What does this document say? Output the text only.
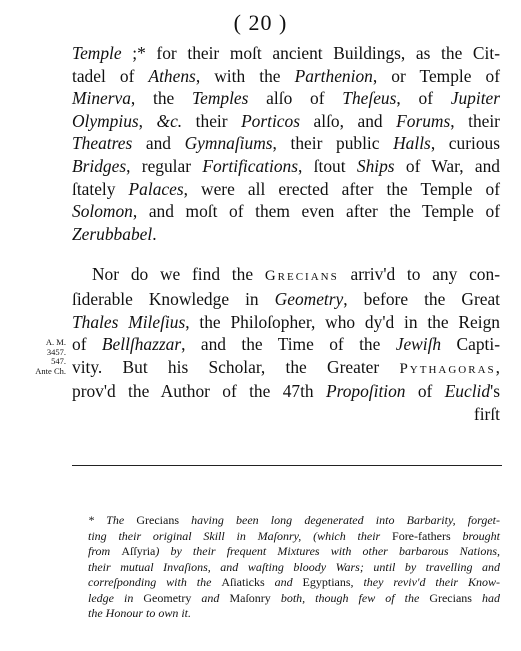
( 20 )
Temple ;* for their moſt ancient Buildings, as the Cit-
tadel of Athens, with the Parthenion, or Temple of
Minerva, the Temples alſo of Theſeus, of Jupiter
Olympius, &c. their Porticos alſo, and Forums, their
Theatres and Gymnaſiums, their public Halls, curious
Bridges, regular Fortifications, ſtout Ships of War, and
ſtately Palaces, were all erected after the Temple of
Solomon, and moſt of them even after the Temple of
Zerubbabel.
Nor do we find the Grecians arriv'd to any con-
ſiderable Knowledge in Geometry, before the Great
Thales Mileſius, the Philoſopher, who dy'd in the Reign
of Bellſhazzar, and the Time of the Jewiſh Capti-
vity. But his Scholar, the Greater Pythagoras,
prov'd the Author of the 47th Propoſition of Euclid's
firſt
A. M.
3457.
547.
Ante Ch.
* The Grecians having been long degenerated into Barbarity, forget-
ting their original Skill in Maſonry, (which their Fore-fathers brought
from Aſſyria) by their frequent Mixtures with other barbarous Nations,
their mutual Invaſions, and waſting bloody Wars; until by travelling and
correſponding with the Aſiaticks and Egyptians, they reviv'd their Know-
ledge in Geometry and Maſonry both, though few of the Grecians had
the Honour to own it.
